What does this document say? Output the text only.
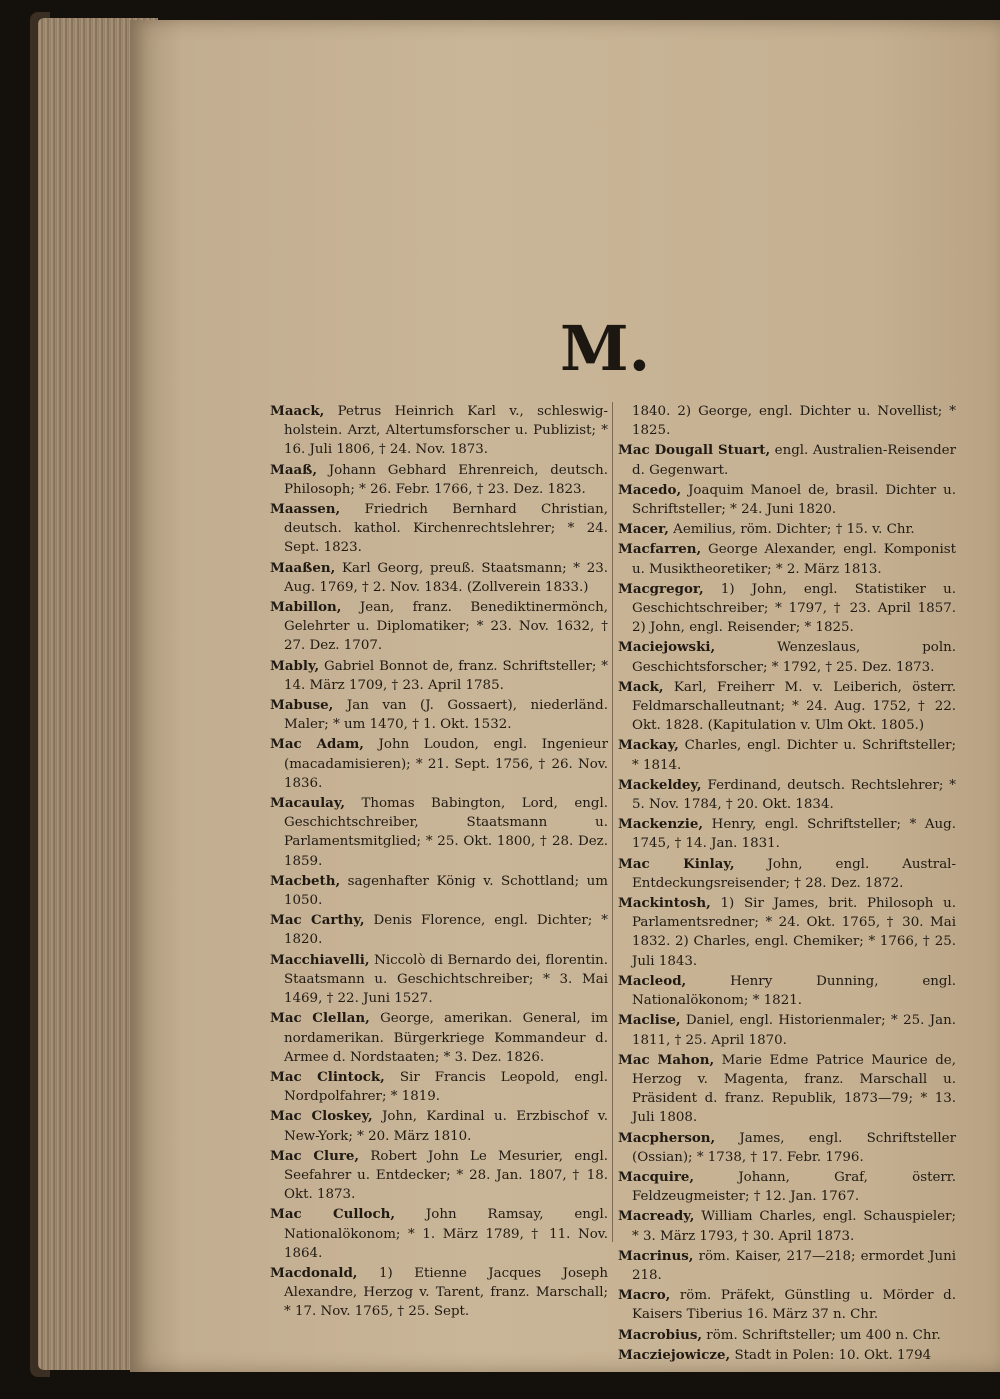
M.

Maack, Petrus Heinrich Karl v., schleswig-holstein. Arzt, Altertumsforscher u. Publizist; * 16. Juli 1806, † 24. Nov. 1873.

Maaß, Johann Gebhard Ehrenreich, deutsch. Philosoph; * 26. Febr. 1766, † 23. Dez. 1823.

Maassen, Friedrich Bernhard Christian, deutsch. kathol. Kirchenrechtslehrer; * 24. Sept. 1823.

Maaßen, Karl Georg, preuß. Staatsmann; * 23. Aug. 1769, † 2. Nov. 1834. (Zollverein 1833.)

Mabillon, Jean, franz. Benediktinermönch, Gelehrter u. Diplomatiker; * 23. Nov. 1632, † 27. Dez. 1707.

Mably, Gabriel Bonnot de, franz. Schriftsteller; * 14. März 1709, † 23. April 1785.

Mabuse, Jan van (J. Gossaert), niederländ. Maler; * um 1470, † 1. Okt. 1532.

Mac Adam, John Loudon, engl. Ingenieur (macadamisieren); * 21. Sept. 1756, † 26. Nov. 1836.

Macaulay, Thomas Babington, Lord, engl. Geschichtschreiber, Staatsmann u. Parlamentsmitglied; * 25. Okt. 1800, † 28. Dez. 1859.

Macbeth, sagenhafter König v. Schottland; um 1050.

Mac Carthy, Denis Florence, engl. Dichter; * 1820.

Macchiavelli, Niccolò di Bernardo dei, florentin. Staatsmann u. Geschichtschreiber; * 3. Mai 1469, † 22. Juni 1527.

Mac Clellan, George, amerikan. General, im nordamerikan. Bürgerkriege Kommandeur d. Armee d. Nordstaaten; * 3. Dez. 1826.

Mac Clintock, Sir Francis Leopold, engl. Nordpolfahrer; * 1819.

Mac Closkey, John, Kardinal u. Erzbischof v. New-York; * 20. März 1810.

Mac Clure, Robert John Le Mesurier, engl. Seefahrer u. Entdecker; * 28. Jan. 1807, † 18. Okt. 1873.

Mac Culloch, John Ramsay, engl. Nationalökonom; * 1. März 1789, † 11. Nov. 1864.

Macdonald, 1) Etienne Jacques Joseph Alexandre, Herzog v. Tarent, franz. Marschall; * 17. Nov. 1765, † 25. Sept.

1840. 2) George, engl. Dichter u. Novellist; * 1825.

Mac Dougall Stuart, engl. Australien-Reisender d. Gegenwart.

Macedo, Joaquim Manoel de, brasil. Dichter u. Schriftsteller; * 24. Juni 1820.

Macer, Aemilius, röm. Dichter; † 15. v. Chr.

Macfarren, George Alexander, engl. Komponist u. Musiktheoretiker; * 2. März 1813.

Macgregor, 1) John, engl. Statistiker u. Geschichtschreiber; * 1797, † 23. April 1857. 2) John, engl. Reisender; * 1825.

Maciejowski, Wenzeslaus, poln. Geschichtsforscher; * 1792, † 25. Dez. 1873.

Mack, Karl, Freiherr M. v. Leiberich, österr. Feldmarschalleutnant; * 24. Aug. 1752, † 22. Okt. 1828. (Kapitulation v. Ulm Okt. 1805.)

Mackay, Charles, engl. Dichter u. Schriftsteller; * 1814.

Mackeldey, Ferdinand, deutsch. Rechtslehrer; * 5. Nov. 1784, † 20. Okt. 1834.

Mackenzie, Henry, engl. Schriftsteller; * Aug. 1745, † 14. Jan. 1831.

Mac Kinlay, John, engl. Austral-Entdeckungsreisender; † 28. Dez. 1872.

Mackintosh, 1) Sir James, brit. Philosoph u. Parlamentsredner; * 24. Okt. 1765, † 30. Mai 1832. 2) Charles, engl. Chemiker; * 1766, † 25. Juli 1843.

Macleod, Henry Dunning, engl. Nationalökonom; * 1821.

Maclise, Daniel, engl. Historienmaler; * 25. Jan. 1811, † 25. April 1870.

Mac Mahon, Marie Edme Patrice Maurice de, Herzog v. Magenta, franz. Marschall u. Präsident d. franz. Republik, 1873—79; * 13. Juli 1808.

Macpherson, James, engl. Schriftsteller (Ossian); * 1738, † 17. Febr. 1796.

Macquire, Johann, Graf, österr. Feldzeugmeister; † 12. Jan. 1767.

Macready, William Charles, engl. Schauspieler; * 3. März 1793, † 30. April 1873.

Macrinus, röm. Kaiser, 217—218; ermordet Juni 218.

Macro, röm. Präfekt, Günstling u. Mörder d. Kaisers Tiberius 16. März 37 n. Chr.

Macrobius, röm. Schriftsteller; um 400 n. Chr.

Macziejowicze, Stadt in Polen: 10. Okt. 1794
